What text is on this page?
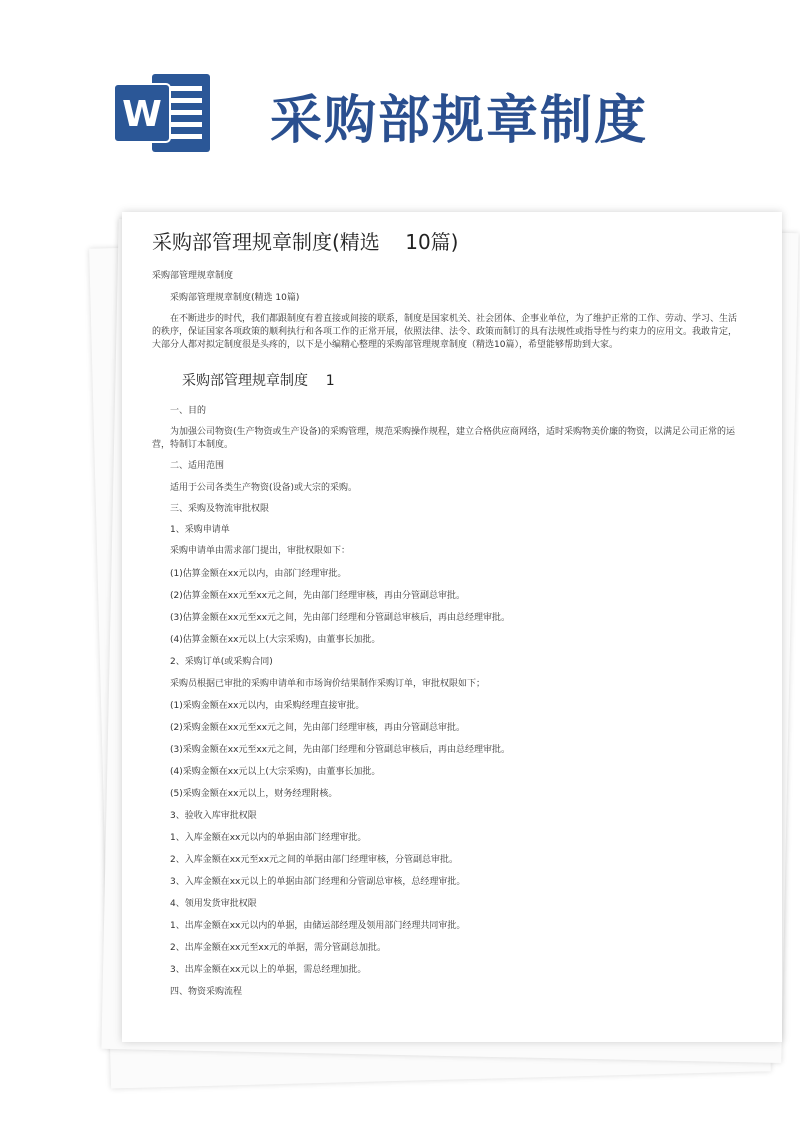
W 采购部规章制度
采购部管理规章制度(精选    10篇)
采购部管理规章制度
采购部管理规章制度(精选 10篇)
在不断进步的时代，我们都跟制度有着直接或间接的联系，制度是国家机关、社会团体、企事业单位，为了维护正常的工作、劳动、学习、生活的秩序，保证国家各项政策的顺利执行和各项工作的正常开展，依照法律、法令、政策而制订的具有法规性或指导性与约束力的应用文。我敢肯定，大部分人都对拟定制度很是头疼的，以下是小编精心整理的采购部管理规章制度（精选10篇），希望能够帮助到大家。
采购部管理规章制度    1
一、目的
为加强公司物资(生产物资或生产设备)的采购管理，规范采购操作规程，建立合格供应商网络，适时采购物美价廉的物资，以满足公司正常的运营，特制订本制度。
二、适用范围
适用于公司各类生产物资(设备)或大宗的采购。
三、采购及物流审批权限
1、采购申请单
采购申请单由需求部门提出，审批权限如下：
(1)估算金额在xx元以内，由部门经理审批。
(2)估算金额在xx元至xx元之间，先由部门经理审核，再由分管副总审批。
(3)估算金额在xx元至xx元之间，先由部门经理和分管副总审核后，再由总经理审批。
(4)估算金额在xx元以上(大宗采购)，由董事长加批。
2、采购订单(或采购合同)
采购员根据已审批的采购申请单和市场询价结果制作采购订单，审批权限如下；
(1)采购金额在xx元以内，由采购经理直接审批。
(2)采购金额在xx元至xx元之间，先由部门经理审核，再由分管副总审批。
(3)采购金额在xx元至xx元之间，先由部门经理和分管副总审核后，再由总经理审批。
(4)采购金额在xx元以上(大宗采购)，由董事长加批。
(5)采购金额在xx元以上，财务经理附核。
3、验收入库审批权限
1、入库金额在xx元以内的单据由部门经理审批。
2、入库金额在xx元至xx元之间的单据由部门经理审核，分管副总审批。
3、入库金额在xx元以上的单据由部门经理和分管副总审核，总经理审批。
4、领用发货审批权限
1、出库金额在xx元以内的单据，由储运部经理及领用部门经理共同审批。
2、出库金额在xx元至xx元的单据，需分管副总加批。
3、出库金额在xx元以上的单据，需总经理加批。
四、物资采购流程
